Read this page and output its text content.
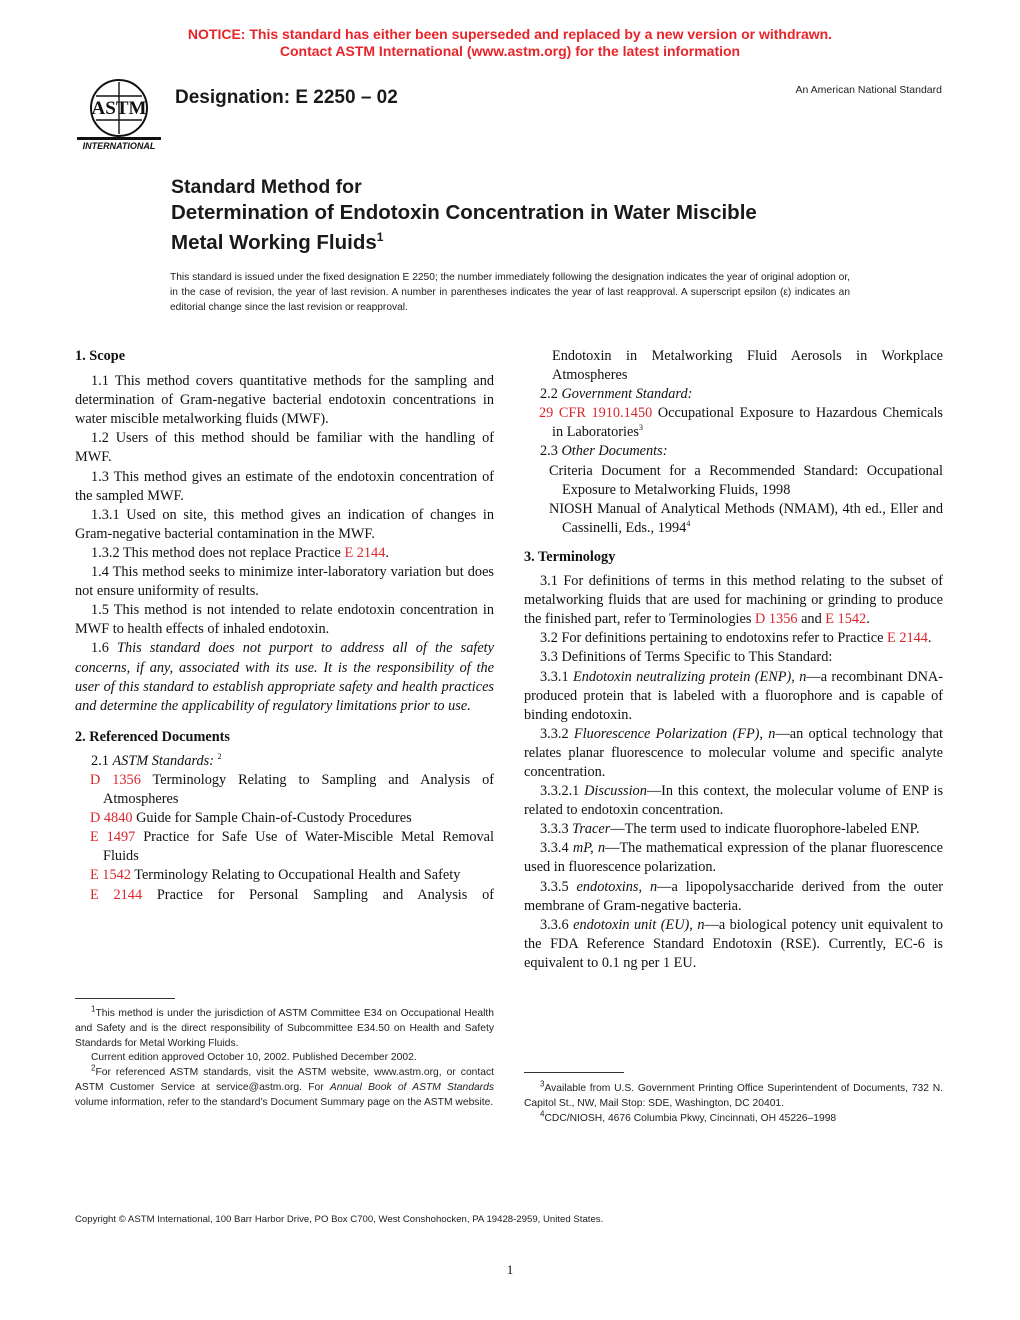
NOTICE: This standard has either been superseded and replaced by a new version or withdrawn.
Contact ASTM International (www.astm.org) for the latest information
ASTM
INTERNATIONAL
Designation: E 2250 – 02	An American National Standard
Standard Method for
Determination of Endotoxin Concentration in Water Miscible
Metal Working Fluids$^1$
This standard is issued under the fixed designation E 2250; the number immediately following the designation indicates the year of original adoption or, in the case of revision, the year of last revision. A number in parentheses indicates the year of last reapproval. A superscript epsilon (ε) indicates an editorial change since the last revision or reapproval.

1. Scope

1.1 This method covers quantitative methods for the sampling and determination of Gram-negative bacterial endotoxin concentrations in water miscible metalworking fluids (MWF).

1.2 Users of this method should be familiar with the handling of MWF.

1.3 This method gives an estimate of the endotoxin concentration of the sampled MWF.

1.3.1 Used on site, this method gives an indication of changes in Gram-negative bacterial contamination in the MWF.

1.3.2 This method does not replace Practice E 2144.

1.4 This method seeks to minimize inter-laboratory variation but does not ensure uniformity of results.

1.5 This method is not intended to relate endotoxin concentration in MWF to health effects of inhaled endotoxin.

1.6 This standard does not purport to address all of the safety concerns, if any, associated with its use. It is the responsibility of the user of this standard to establish appropriate safety and health practices and determine the applicability of regulatory limitations prior to use.

2. Referenced Documents

2.1 ASTM Standards: $^2$

D 1356 Terminology Relating to Sampling and Analysis of Atmospheres

D 4840 Guide for Sample Chain-of-Custody Procedures

E 1497 Practice for Safe Use of Water-Miscible Metal Removal Fluids

E 1542 Terminology Relating to Occupational Health and Safety

E 2144 Practice for Personal Sampling and Analysis of

$^1$This method is under the jurisdiction of ASTM Committee E34 on Occupational Health and Safety and is the direct responsibility of Subcommittee E34.50 on Health and Safety Standards for Metal Working Fluids.

Current edition approved October 10, 2002. Published December 2002.

$^2$For referenced ASTM standards, visit the ASTM website, www.astm.org, or contact ASTM Customer Service at service@astm.org. For Annual Book of ASTM Standards volume information, refer to the standard’s Document Summary page on the ASTM website.

Endotoxin in Metalworking Fluid Aerosols in Workplace Atmospheres

2.2 Government Standard:

29 CFR 1910.1450 Occupational Exposure to Hazardous Chemicals in Laboratories$^3$

2.3 Other Documents:

Criteria Document for a Recommended Standard: Occupational Exposure to Metalworking Fluids, 1998

NIOSH Manual of Analytical Methods (NMAM), 4th ed., Eller and Cassinelli, Eds., 1994$^4$

3. Terminology

3.1 For definitions of terms in this method relating to the subset of metalworking fluids that are used for machining or grinding to produce the finished part, refer to Terminologies D 1356 and E 1542.

3.2 For definitions pertaining to endotoxins refer to Practice E 2144.

3.3 Definitions of Terms Specific to This Standard:

3.3.1 Endotoxin neutralizing protein (ENP), n—a recombinant DNA-produced protein that is labeled with a fluorophore and is capable of binding endotoxin.

3.3.2 Fluorescence Polarization (FP), n—an optical technology that relates planar fluorescence to molecular volume and specific analyte concentration.

3.3.2.1 Discussion—In this context, the molecular volume of ENP is related to endotoxin concentration.

3.3.3 Tracer—The term used to indicate fluorophore-labeled ENP.

3.3.4 mP, n—The mathematical expression of the planar fluorescence used in fluorescence polarization.

3.3.5 endotoxins, n—a lipopolysaccharide derived from the outer membrane of Gram-negative bacteria.

3.3.6 endotoxin unit (EU), n—a biological potency unit equivalent to the FDA Reference Standard Endotoxin (RSE). Currently, EC-6 is equivalent to 0.1 ng per 1 EU.

$^3$Available from U.S. Government Printing Office Superintendent of Documents, 732 N. Capitol St., NW, Mail Stop: SDE, Washington, DC 20401.

$^4$CDC/NIOSH, 4676 Columbia Pkwy, Cincinnati, OH 45226–1998

Copyright © ASTM International, 100 Barr Harbor Drive, PO Box C700, West Conshohocken, PA 19428-2959, United States.
1
